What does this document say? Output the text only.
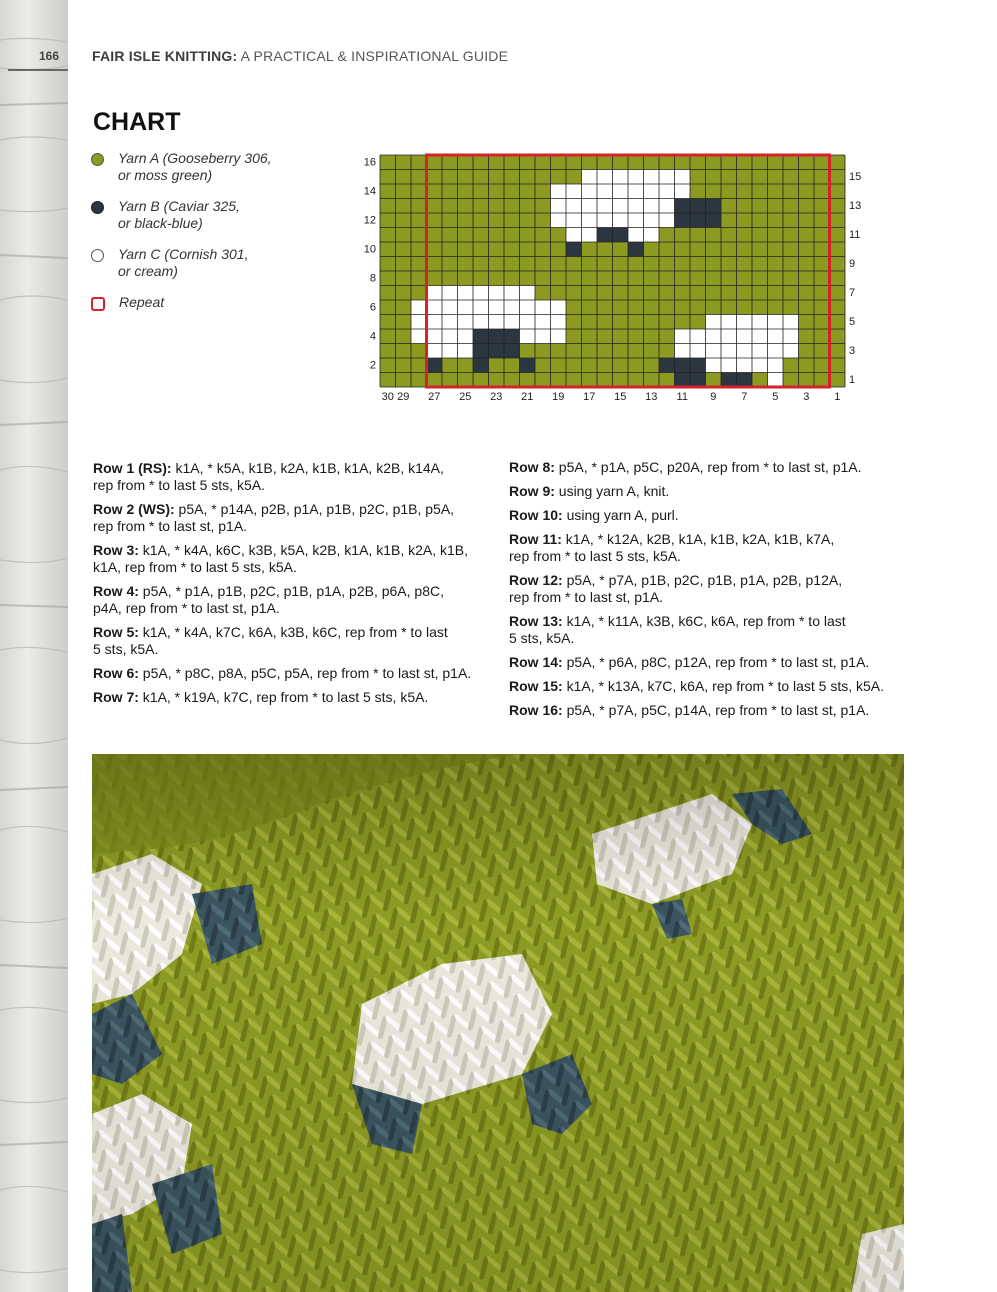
166 FAIR ISLE KNITTING: A PRACTICAL & INSPIRATIONAL GUIDE
CHART
Yarn A (Gooseberry 306,
or moss green)
Yarn B (Caviar 325,
or black-blue)
Yarn C (Cornish 301,
or cream)
Repeat
2
4
6
8
10
12
14
16
1
3
5
7
9
11
13
15
30 29 27 25 23 21 19 17 15 13 11 9 7 5 3 1

Row 1 (RS): k1A, * k5A, k1B, k2A, k1B, k1A, k2B, k14A,
rep from * to last 5 sts, k5A.

Row 2 (WS): p5A, * p14A, p2B, p1A, p1B, p2C, p1B, p5A,
rep from * to last st, p1A.

Row 3: k1A, * k4A, k6C, k3B, k5A, k2B, k1A, k1B, k2A, k1B,
k1A, rep from * to last 5 sts, k5A.

Row 4: p5A, * p1A, p1B, p2C, p1B, p1A, p2B, p6A, p8C,
p4A, rep from * to last st, p1A.

Row 5: k1A, * k4A, k7C, k6A, k3B, k6C, rep from * to last
5 sts, k5A.

Row 6: p5A, * p8C, p8A, p5C, p5A, rep from * to last st, p1A.

Row 7: k1A, * k19A, k7C, rep from * to last 5 sts, k5A.

Row 8: p5A, * p1A, p5C, p20A, rep from * to last st, p1A.

Row 9: using yarn A, knit.

Row 10: using yarn A, purl.

Row 11: k1A, * k12A, k2B, k1A, k1B, k2A, k1B, k7A,
rep from * to last 5 sts, k5A.

Row 12: p5A, * p7A, p1B, p2C, p1B, p1A, p2B, p12A,
rep from * to last st, p1A.

Row 13: k1A, * k11A, k3B, k6C, k6A, rep from * to last
5 sts, k5A.

Row 14: p5A, * p6A, p8C, p12A, rep from * to last st, p1A.

Row 15: k1A, * k13A, k7C, k6A, rep from * to last 5 sts, k5A.

Row 16: p5A, * p7A, p5C, p14A, rep from * to last st, p1A.
